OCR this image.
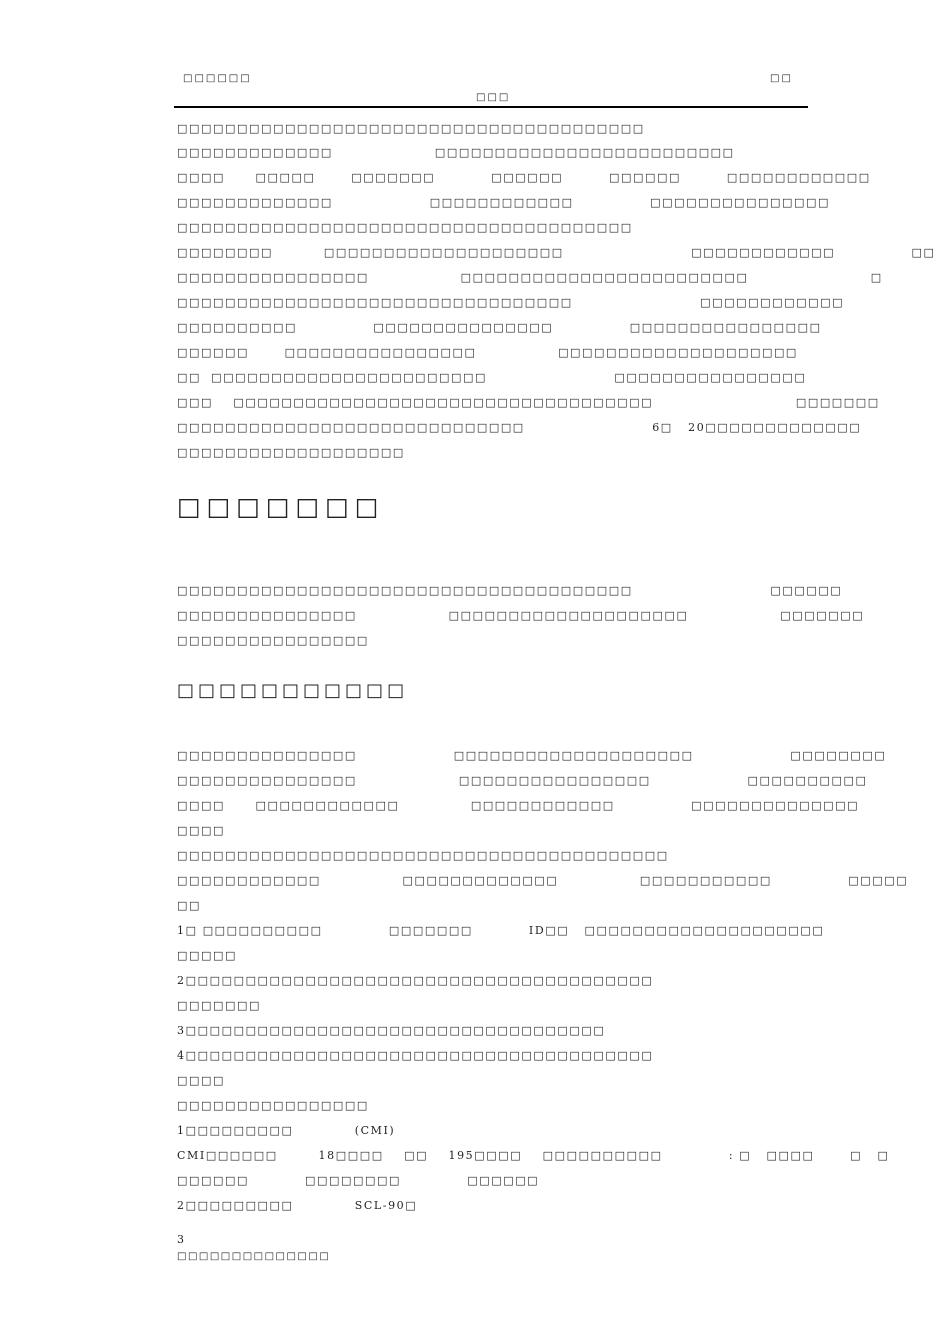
□□□□□□	□□
□□□
□□□□□□□□□□□□□□□□□□□□□□□□□□□□□□□□□□□□□□□
□□□□□□□□□□□□□                    □□□□□□□□□□□□□□□□□□□□□□□□□
□□□□      □□□□□       □□□□□□□           □□□□□□         □□□□□□         □□□□□□□□□□□□
□□□□□□□□□□□□□                   □□□□□□□□□□□□               □□□□□□□□□□□□□□□
□□□□□□□□□□□□□□□□□□□□□□□□□□□□□□□□□□□□□□
□□□□□□□□          □□□□□□□□□□□□□□□□□□□□                         □□□□□□□□□□□□               □□
□□□□□□□□□□□□□□□□                  □□□□□□□□□□□□□□□□□□□□□□□□                        □
□□□□□□□□□□□□□□□□□□□□□□□□□□□□□□□□□                         □□□□□□□□□□□□
□□□□□□□□□□               □□□□□□□□□□□□□□□               □□□□□□□□□□□□□□□□
□□□□□□       □□□□□□□□□□□□□□□□                □□□□□□□□□□□□□□□□□□□□
□□  □□□□□□□□□□□□□□□□□□□□□□□                         □□□□□□□□□□□□□□□□
□□□    □□□□□□□□□□□□□□□□□□□□□□□□□□□□□□□□□□□                            □□□□□□□
□□□□□□□□□□□□□□□□□□□□□□□□□□□□□                         6□   20□□□□□□□□□□□□□
□□□□□□□□□□□□□□□□□□□
□□□□□□□
□□□□□□□□□□□□□□□□□□□□□□□□□□□□□□□□□□□□□□                           □□□□□□
□□□□□□□□□□□□□□□                  □□□□□□□□□□□□□□□□□□□□                  □□□□□□□
□□□□□□□□□□□□□□□□
□□□□□□□□□□□
□□□□□□□□□□□□□□□                   □□□□□□□□□□□□□□□□□□□□                   □□□□□□□□
□□□□□□□□□□□□□□□                    □□□□□□□□□□□□□□□□                   □□□□□□□□□□
□□□□      □□□□□□□□□□□□              □□□□□□□□□□□□               □□□□□□□□□□□□□□
□□□□
□□□□□□□□□□□□□□□□□□□□□□□□□□□□□□□□□□□□□□□□□
□□□□□□□□□□□□                □□□□□□□□□□□□□                □□□□□□□□□□□               □□□□□
□□
1□ □□□□□□□□□□             □□□□□□□           ID□□   □□□□□□□□□□□□□□□□□□□□
□□□□□
2□□□□□□□□□□□□□□□□□□□□□□□□□□□□□□□□□□□□□□□
□□□□□□□
3□□□□□□□□□□□□□□□□□□□□□□□□□□□□□□□□□□□
4□□□□□□□□□□□□□□□□□□□□□□□□□□□□□□□□□□□□□□□
□□□□
□□□□□□□□□□□□□□□□
1□□□□□□□□□            (CMI)
CMI□□□□□□        18□□□□    □□    195□□□□    □□□□□□□□□□             : □   □□□□       □   □
□□□□□□           □□□□□□□□             □□□□□□
2□□□□□□□□□            SCL-90□
3
□□□□□□□□□□□□□□
